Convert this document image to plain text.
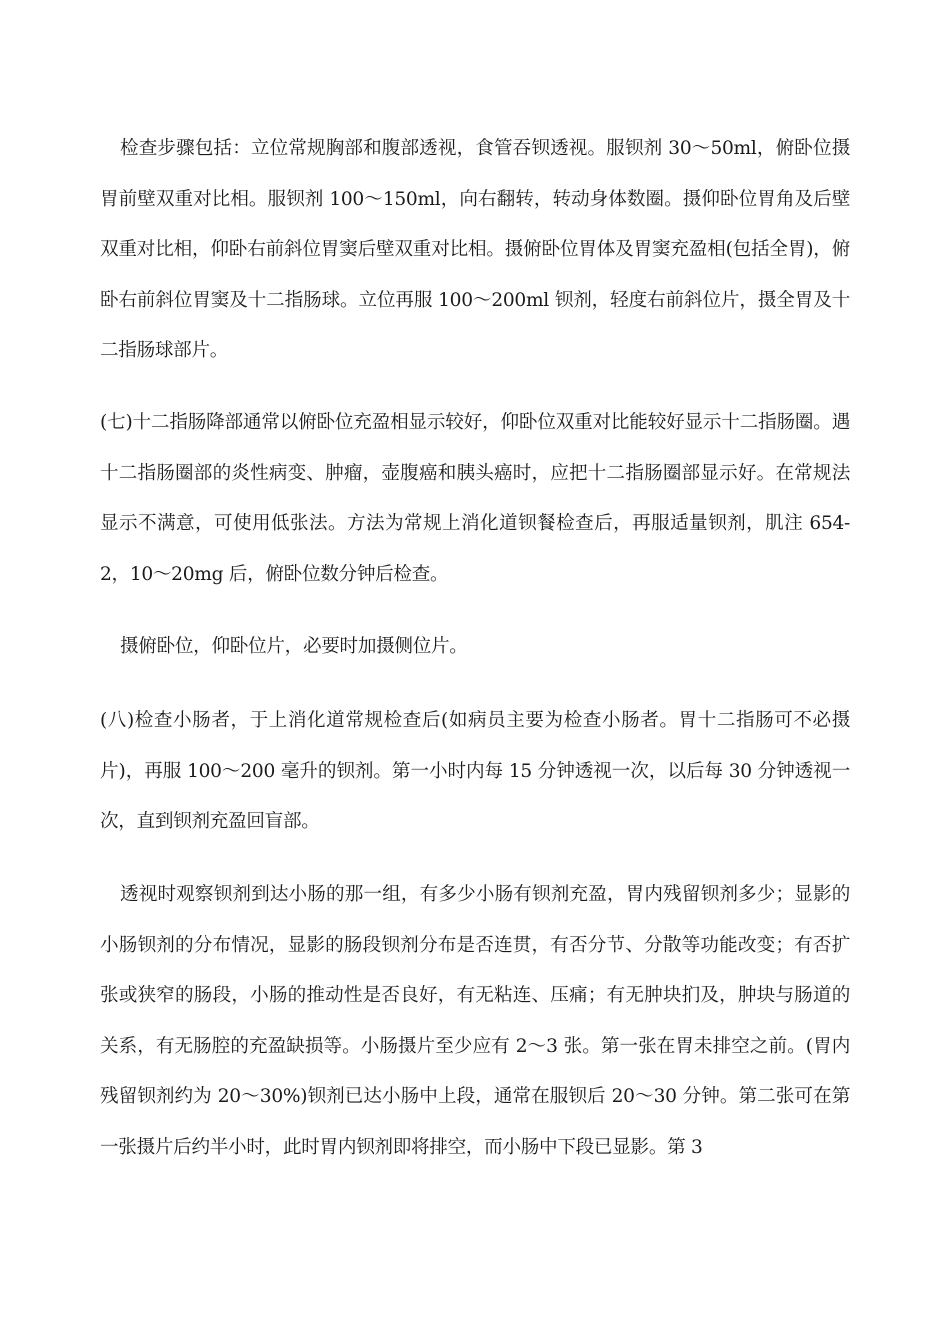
检查步骤包括：立位常规胸部和腹部透视，食管吞钡透视。服钡剂 30～50ml，俯卧位摄胃前壁双重对比相。服钡剂 100～150ml，向右翻转，转动身体数圈。摄仰卧位胃角及后壁双重对比相，仰卧右前斜位胃窦后壁双重对比相。摄俯卧位胃体及胃窦充盈相(包括全胃)，俯卧右前斜位胃窦及十二指肠球。立位再服 100～200ml 钡剂，轻度右前斜位片，摄全胃及十二指肠球部片。

(七)十二指肠降部通常以俯卧位充盈相显示较好，仰卧位双重对比能较好显示十二指肠圈。遇十二指肠圈部的炎性病变、肿瘤，壶腹癌和胰头癌时，应把十二指肠圈部显示好。在常规法显示不满意，可使用低张法。方法为常规上消化道钡餐检查后，再服适量钡剂，肌注 654-2，10～20mg 后，俯卧位数分钟后检查。

摄俯卧位，仰卧位片，必要时加摄侧位片。

(八)检查小肠者，于上消化道常规检查后(如病员主要为检查小肠者。胃十二指肠可不必摄片)，再服 100～200 毫升的钡剂。第一小时内每 15 分钟透视一次，以后每 30 分钟透视一次，直到钡剂充盈回盲部。

透视时观察钡剂到达小肠的那一组，有多少小肠有钡剂充盈，胃内残留钡剂多少；显影的小肠钡剂的分布情况，显影的肠段钡剂分布是否连贯，有否分节、分散等功能改变；有否扩张或狭窄的肠段，小肠的推动性是否良好，有无粘连、压痛；有无肿块扪及，肿块与肠道的关系，有无肠腔的充盈缺损等。小肠摄片至少应有 2～3 张。第一张在胃未排空之前。(胃内残留钡剂约为 20～30%)钡剂已达小肠中上段，通常在服钡后 20～30 分钟。第二张可在第一张摄片后约半小时，此时胃内钡剂即将排空，而小肠中下段已显影。第 3
